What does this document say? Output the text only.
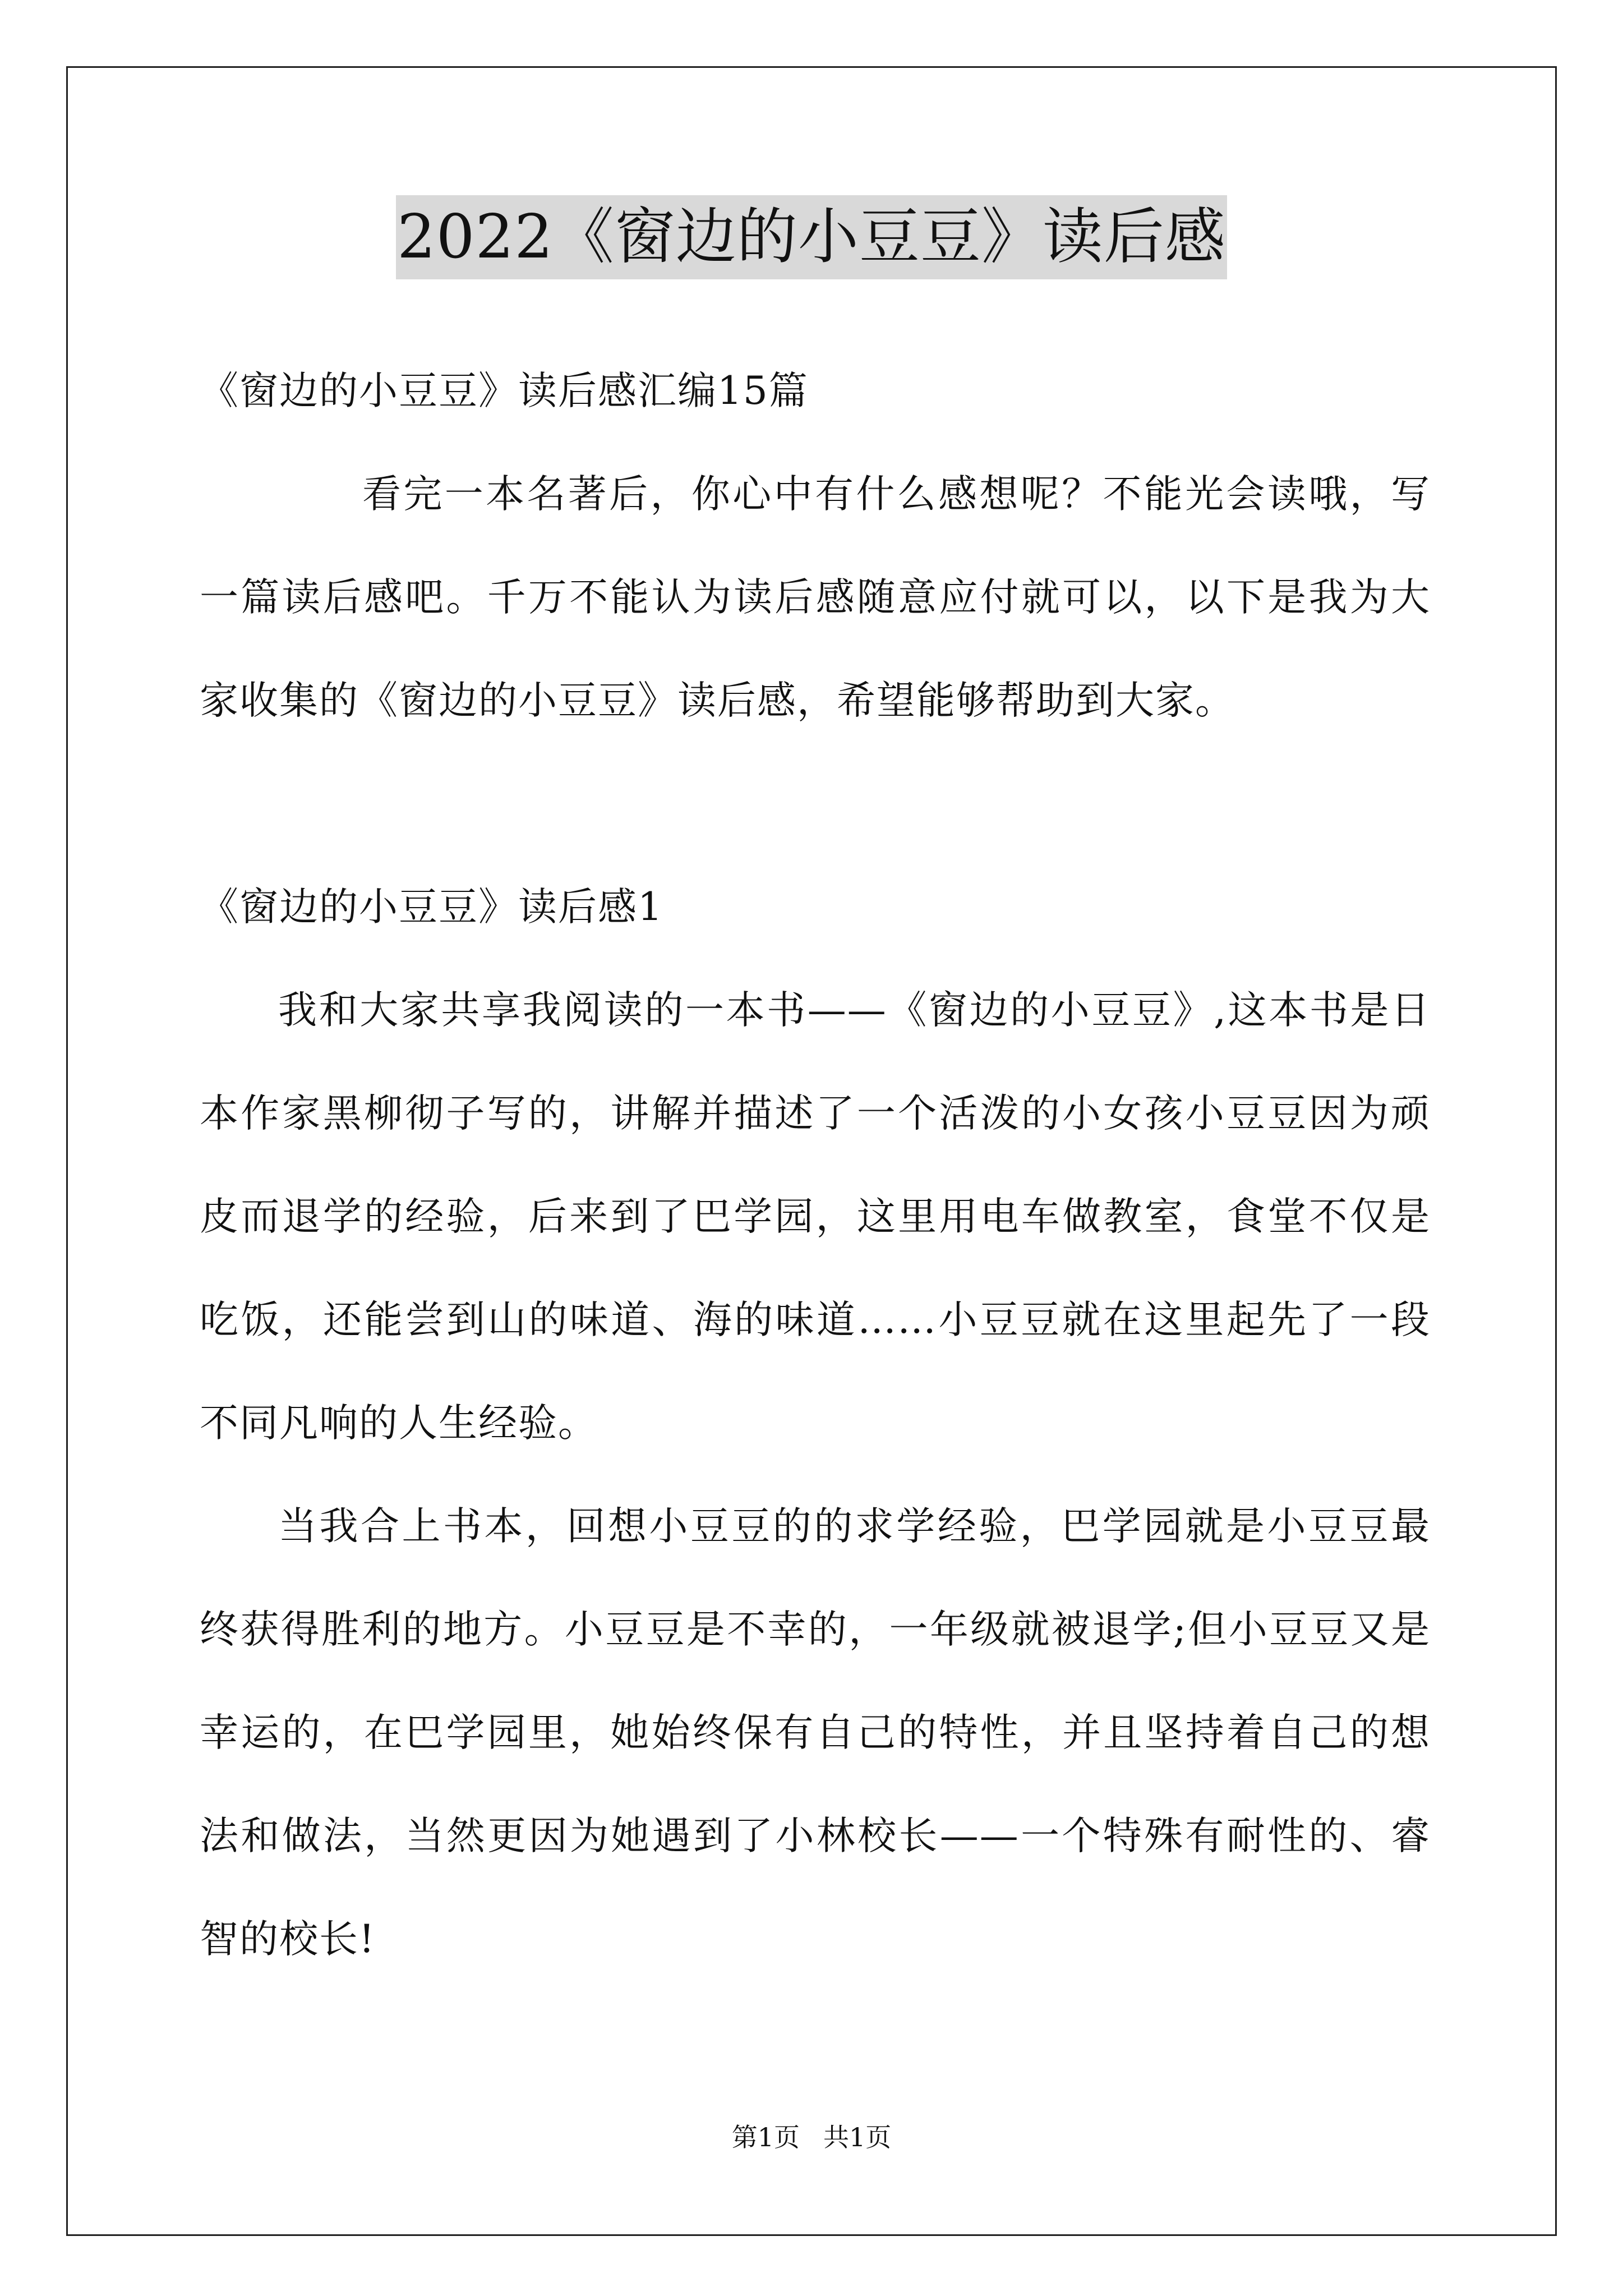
2022《窗边的小豆豆》读后感

《窗边的小豆豆》读后感汇编15篇

看完一本名著后，你心中有什么感想呢？不能光会读哦，写一篇读后感吧。千万不能认为读后感随意应付就可以，以下是我为大家收集的《窗边的小豆豆》读后感，希望能够帮助到大家。

《窗边的小豆豆》读后感1

我和大家共享我阅读的一本书——《窗边的小豆豆》,这本书是日本作家黑柳彻子写的，讲解并描述了一个活泼的小女孩小豆豆因为顽皮而退学的经验，后来到了巴学园，这里用电车做教室，食堂不仅是吃饭，还能尝到山的味道、海的味道……小豆豆就在这里起先了一段不同凡响的人生经验。

当我合上书本，回想小豆豆的的求学经验，巴学园就是小豆豆最终获得胜利的地方。小豆豆是不幸的，一年级就被退学;但小豆豆又是幸运的，在巴学园里，她始终保有自己的特性，并且坚持着自己的想法和做法，当然更因为她遇到了小林校长——一个特殊有耐性的、睿智的校长!

第1页 共1页
